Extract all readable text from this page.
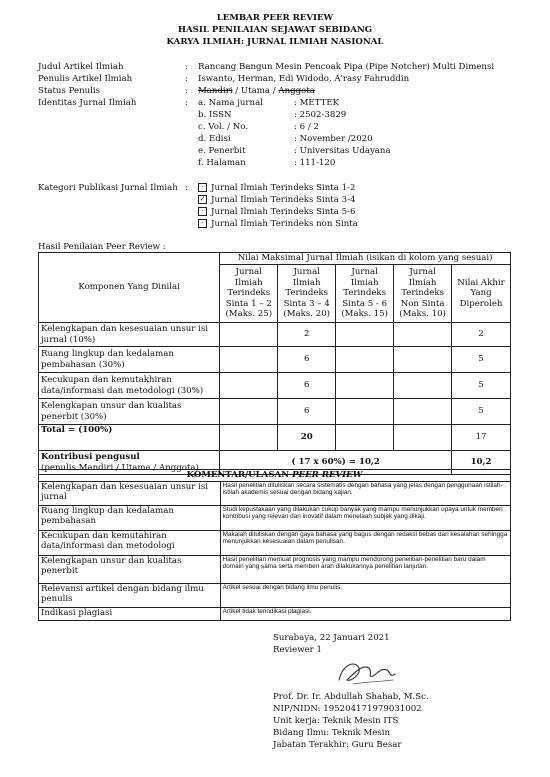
LEMBAR PEER REVIEW
HASIL PENILAIAN SEJAWAT SEBIDANG
KARYA ILMIAH: JURNAL ILMIAH NASIONAL
Judul Artikel Ilmiah	: Rancang Bangun Mesin Pencoak Pipa (Pipe Notcher) Multi Dimensi
Penulis Artikel Ilmiah	: Iswanto, Herman, Edi Widodo, A'rasy Fahruddin
Status Penulis	: Mandiri / Utama / Anggota
Identitas Jurnal Ilmiah	: a. Nama jurnal	: METTEK
b. ISSN	: 2502-3829
c. Vol. / No.	: 6 / 2
d. Edisi	: November /2020
e. Penerbit	: Universitas Udayana
f. Halaman	: 111-120
Kategori Publikasi Jurnal Ilmiah :	· Jurnal Ilmiah Terindeks Sinta 1-2
✓ Jurnal Ilmiah Terindeks Sinta 3-4
· Jurnal Ilmiah Terindeks Sinta 5-6
· Jurnal Ilmiah Terindeks non Sinta
Hasil Penilaian Peer Review :
Komponen Yang Dinilai	Nilai Maksimal Jurnal Ilmiah (isikan di kolom yang sesuai)				
	Jurnal Ilmiah Terindeks Sinta 1 – 2 (Maks. 25)	Jurnal Ilmiah Terindeks Sinta 3 – 4 (Maks. 20)	Jurnal Ilmiah Terindeks Sinta 5 - 6 (Maks. 15)	Jurnal Ilmiah Terindeks Non Sinta (Maks. 10)	Nilai Akhir Yang Diperoleh
Kelengkapan dan kesesuaian unsur isi jurnal (10%)		2			2
Ruang lingkup dan kedalaman pembahasan (30%)		6			5
Kecukupan dan kemutakhiran data/informasi dan metodologi (30%)		6			5
Kelengkapan unsur dan kualitas penerbit (30%)		6			5
Total = (100%)		20			17

Kontribusi pengusul
(penulis Mandiri / Utama / Anggota)	( 17 x 60%) = 10,2				10,2
KOMENTAR/ULASAN PEER REVIEW	
Kelengkapan dan kesesuaian unsur isi jurnal	Hasil penelitian dituliskan secara sistematis dengan bahasa yang jelas dengan penggunaan istilah-istilah akademis sesuai dengan bidang kajian.
Ruang lingkup dan kedalaman pembahasan	Studi kepustakaan yang dilakukan cukup banyak yang mampu menunjukkan upaya untuk memberi kontribusi yang relevan dan inovatif dalam menelaah subjek yang dikaji.
Kecukupan dan kemutahiran data/informasi dan metodologi	Makalah dituliskan dengan gaya bahasa yang bagus dengan redaksi bebas dari kesalahan sehingga menunjukkan kesesuaian dalam penulisan.
Kelengkapan unsur dan kualitas penerbit	Hasil penelitian memuat prognosis yang mampu mendorong penelitian-penelitian baru dalam domain yang sama serta memberi arah dilakukannya penelitian lanjutan.
Relevansi artikel dengan bidang ilmu penulis	Artikel sesuai dengan bidang ilmu penulis.
Indikasi plagiasi	Artikel tidak terindikasi plagiasi.
Surabaya, 22 Januari 2021
Reviewer 1
Prof. Dr. Ir. Abdullah Shahab, M.Sc.
NIP/NIDN: 195204171979031002
Unit kerja: Teknik Mesin ITS
Bidang Ilmu: Teknik Mesin
Jabatan Terakhir: Guru Besar
